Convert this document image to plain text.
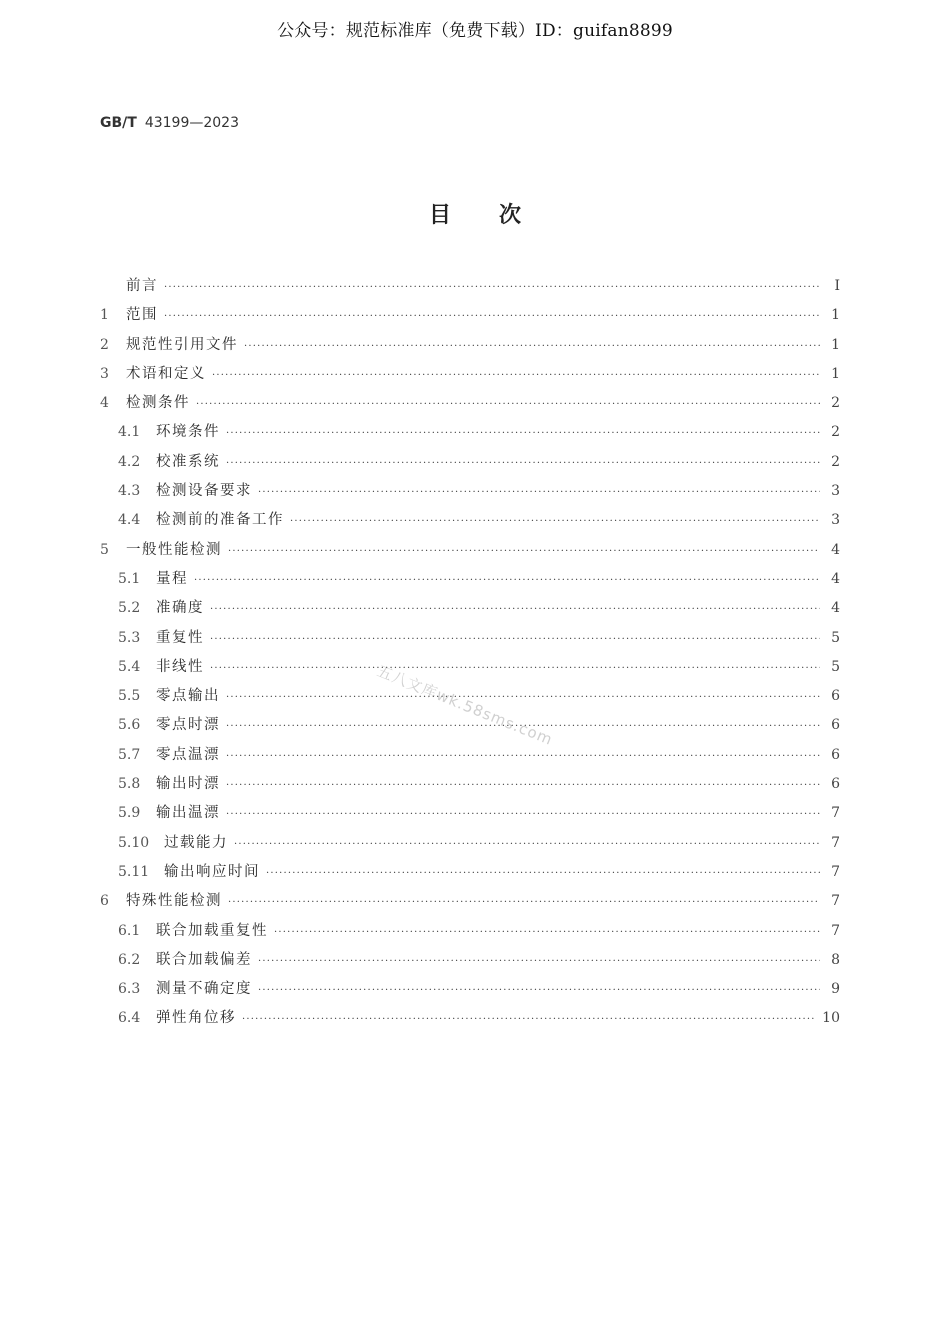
公众号：规范标准库（免费下载）ID：guifan8899
GB/T 43199—2023
目次
前言 ·····	Ⅰ
1	范围 ·····	1
2	规范性引用文件 ·····	1
3	术语和定义 ·····	1
4	检测条件 ·····	2
4.1	环境条件 ·····	2
4.2	校准系统 ·····	2
4.3	检测设备要求 ·····	3
4.4	检测前的准备工作 ·····	3
5	一般性能检测 ·····	4
5.1	量程 ·····	4
5.2	准确度 ·····	4
5.3	重复性 ·····	5
5.4	非线性 ·····	5
5.5	零点输出 ·····	6
5.6	零点时漂 ·····	6
5.7	零点温漂 ·····	6
5.8	输出时漂 ·····	6
5.9	输出温漂 ·····	7
5.10	过载能力 ·····	7
5.11	输出响应时间 ·····	7
6	特殊性能检测 ·····	7
6.1	联合加载重复性 ·····	7
6.2	联合加载偏差 ·····	8
6.3	测量不确定度 ·····	9
6.4	弹性角位移 ·····	10
五八文库wk.58sms.com
